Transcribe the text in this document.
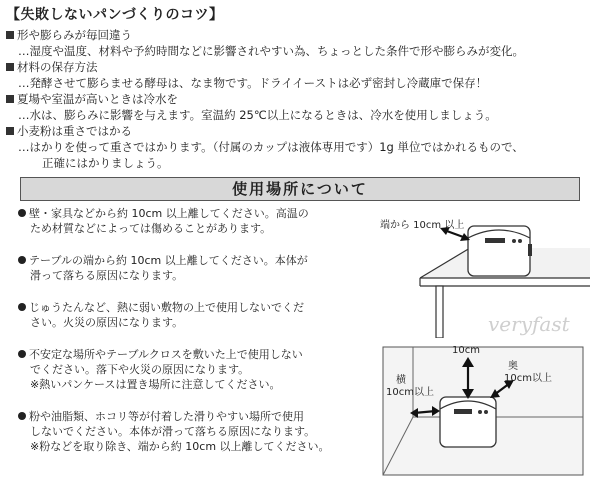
【失敗しないパンづくりのコツ】
形や膨らみが毎回違う
…湿度や温度、材料や予約時間などに影響されやすい為、ちょっとした条件で形や膨らみが変化。
材料の保存方法
…発酵させて膨らませる酵母は、なま物です。ドライイーストは必ず密封し冷蔵庫で保存！
夏場や室温が高いときは冷水を
…水は、膨らみに影響を与えます。室温約 25℃以上になるときは、冷水を使用しましょう。
小麦粉は重さではかる
…はかりを使って重さではかります。（付属のカップは液体専用です）1g 単位ではかれるもので、
正確にはかりましょう。
使用場所について
壁・家具などから約 10cm 以上離してください。高温の
ため材質などによっては傷めることがあります。
テーブルの端から約 10cm 以上離してください。本体が
滑って落ちる原因になります。
じゅうたんなど、熱に弱い敷物の上で使用しないでくだ
さい。火災の原因になります。
不安定な場所やテーブルクロスを敷いた上で使用しない
でください。落下や火災の原因になります。
※熱いパンケースは置き場所に注意してください。
粉や油脂類、ホコリ等が付着した滑りやすい場所で使用
しないでください。本体が滑って落ちる原因になります。
※粉などを取り除き、端から約 10cm 以上離してください。
端から 10cm 以上
veryfast
10cm
横
10cm以上
奥
10cm以上
